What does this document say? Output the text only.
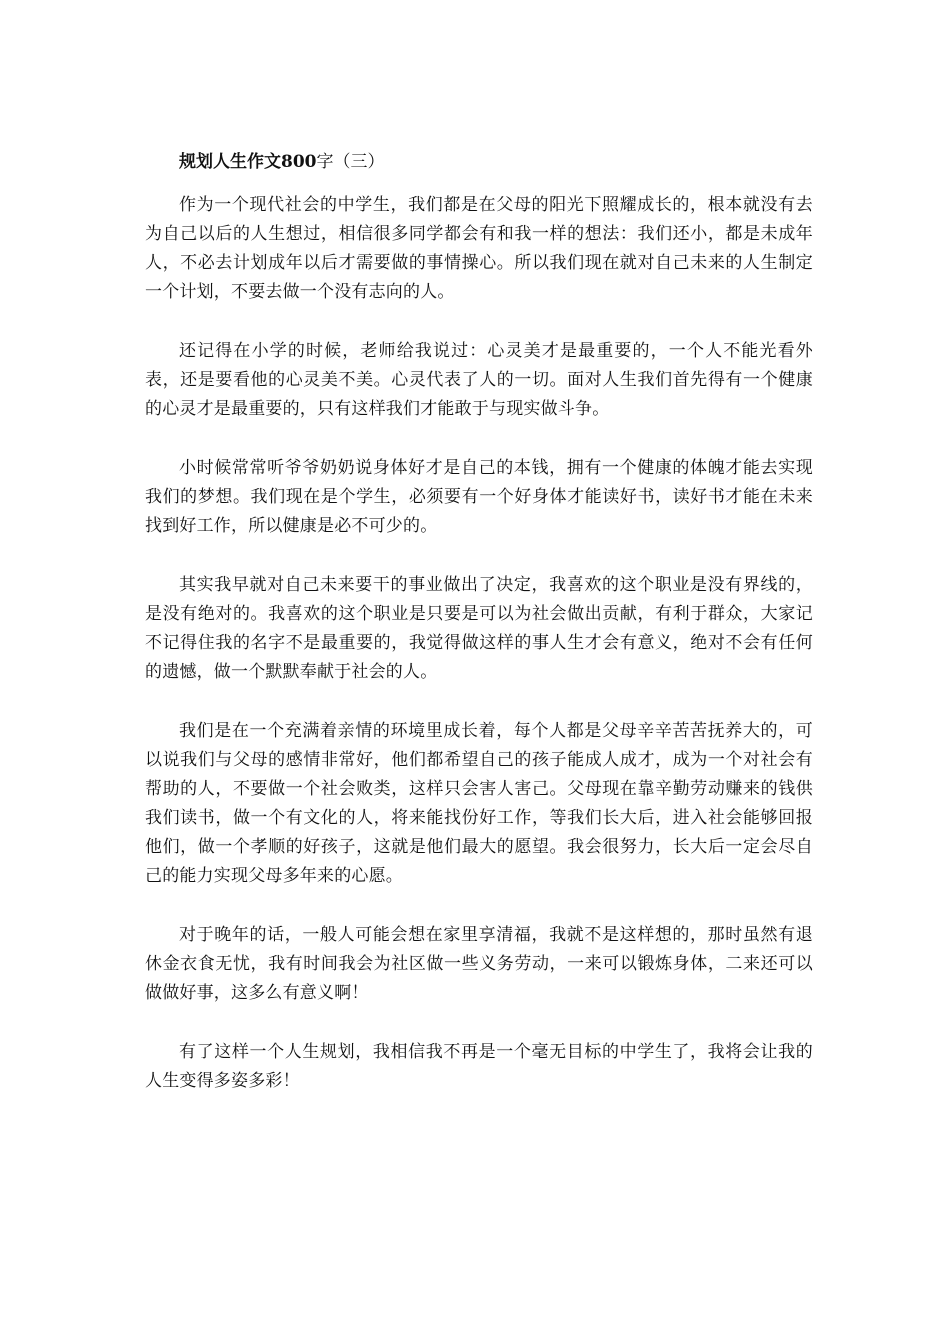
规划人生作文800字（三）

作为一个现代社会的中学生，我们都是在父母的阳光下照耀成长的，根本就没有去为自己以后的人生想过，相信很多同学都会有和我一样的想法：我们还小，都是未成年人，不必去计划成年以后才需要做的事情操心。所以我们现在就对自己未来的人生制定一个计划，不要去做一个没有志向的人。

还记得在小学的时候，老师给我说过：心灵美才是最重要的，一个人不能光看外表，还是要看他的心灵美不美。心灵代表了人的一切。面对人生我们首先得有一个健康的心灵才是最重要的，只有这样我们才能敢于与现实做斗争。

小时候常常听爷爷奶奶说身体好才是自己的本钱，拥有一个健康的体魄才能去实现我们的梦想。我们现在是个学生，必须要有一个好身体才能读好书，读好书才能在未来找到好工作，所以健康是必不可少的。

其实我早就对自己未来要干的事业做出了决定，我喜欢的这个职业是没有界线的，是没有绝对的。我喜欢的这个职业是只要是可以为社会做出贡献，有利于群众，大家记不记得住我的名字不是最重要的，我觉得做这样的事人生才会有意义，绝对不会有任何的遗憾，做一个默默奉献于社会的人。

我们是在一个充满着亲情的环境里成长着，每个人都是父母辛辛苦苦抚养大的，可以说我们与父母的感情非常好，他们都希望自己的孩子能成人成才，成为一个对社会有帮助的人，不要做一个社会败类，这样只会害人害己。父母现在靠辛勤劳动赚来的钱供我们读书，做一个有文化的人，将来能找份好工作，等我们长大后，进入社会能够回报他们，做一个孝顺的好孩子，这就是他们最大的愿望。我会很努力，长大后一定会尽自己的能力实现父母多年来的心愿。

对于晚年的话，一般人可能会想在家里享清福，我就不是这样想的，那时虽然有退休金衣食无忧，我有时间我会为社区做一些义务劳动，一来可以锻炼身体，二来还可以做做好事，这多么有意义啊！

有了这样一个人生规划，我相信我不再是一个毫无目标的中学生了，我将会让我的人生变得多姿多彩！
